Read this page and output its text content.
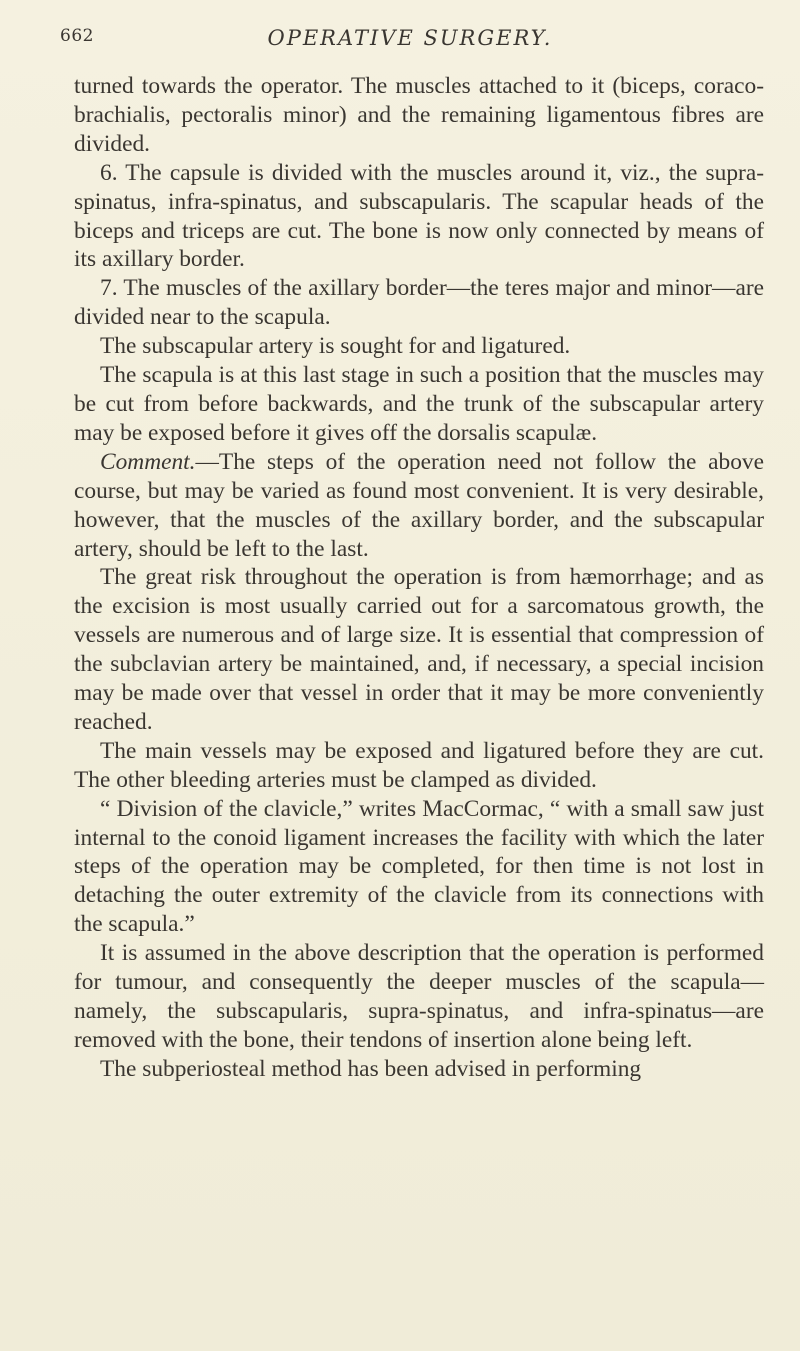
662	OPERATIVE SURGERY.

turned towards the operator. The muscles attached to it (biceps, coraco-brachialis, pectoralis minor) and the remaining ligamentous fibres are divided.

6. The capsule is divided with the muscles around it, viz., the supra-spinatus, infra-spinatus, and subscapularis. The scapular heads of the biceps and triceps are cut. The bone is now only connected by means of its axillary border.

7. The muscles of the axillary border—the teres major and minor—are divided near to the scapula.

The subscapular artery is sought for and ligatured.

The scapula is at this last stage in such a position that the muscles may be cut from before backwards, and the trunk of the subscapular artery may be exposed before it gives off the dorsalis scapulæ.

Comment.—The steps of the operation need not follow the above course, but may be varied as found most convenient. It is very desirable, however, that the muscles of the axillary border, and the subscapular artery, should be left to the last.

The great risk throughout the operation is from hæmorrhage; and as the excision is most usually carried out for a sarcomatous growth, the vessels are numerous and of large size. It is essential that compression of the subclavian artery be maintained, and, if necessary, a special incision may be made over that vessel in order that it may be more conveniently reached.

The main vessels may be exposed and ligatured before they are cut. The other bleeding arteries must be clamped as divided.

“ Division of the clavicle,” writes MacCormac, “ with a small saw just internal to the conoid ligament increases the facility with which the later steps of the operation may be completed, for then time is not lost in detaching the outer extremity of the clavicle from its connections with the scapula.”

It is assumed in the above description that the operation is performed for tumour, and consequently the deeper muscles of the scapula—namely, the subscapularis, supra-spinatus, and infra-spinatus—are removed with the bone, their tendons of insertion alone being left.

The subperiosteal method has been advised in performing
